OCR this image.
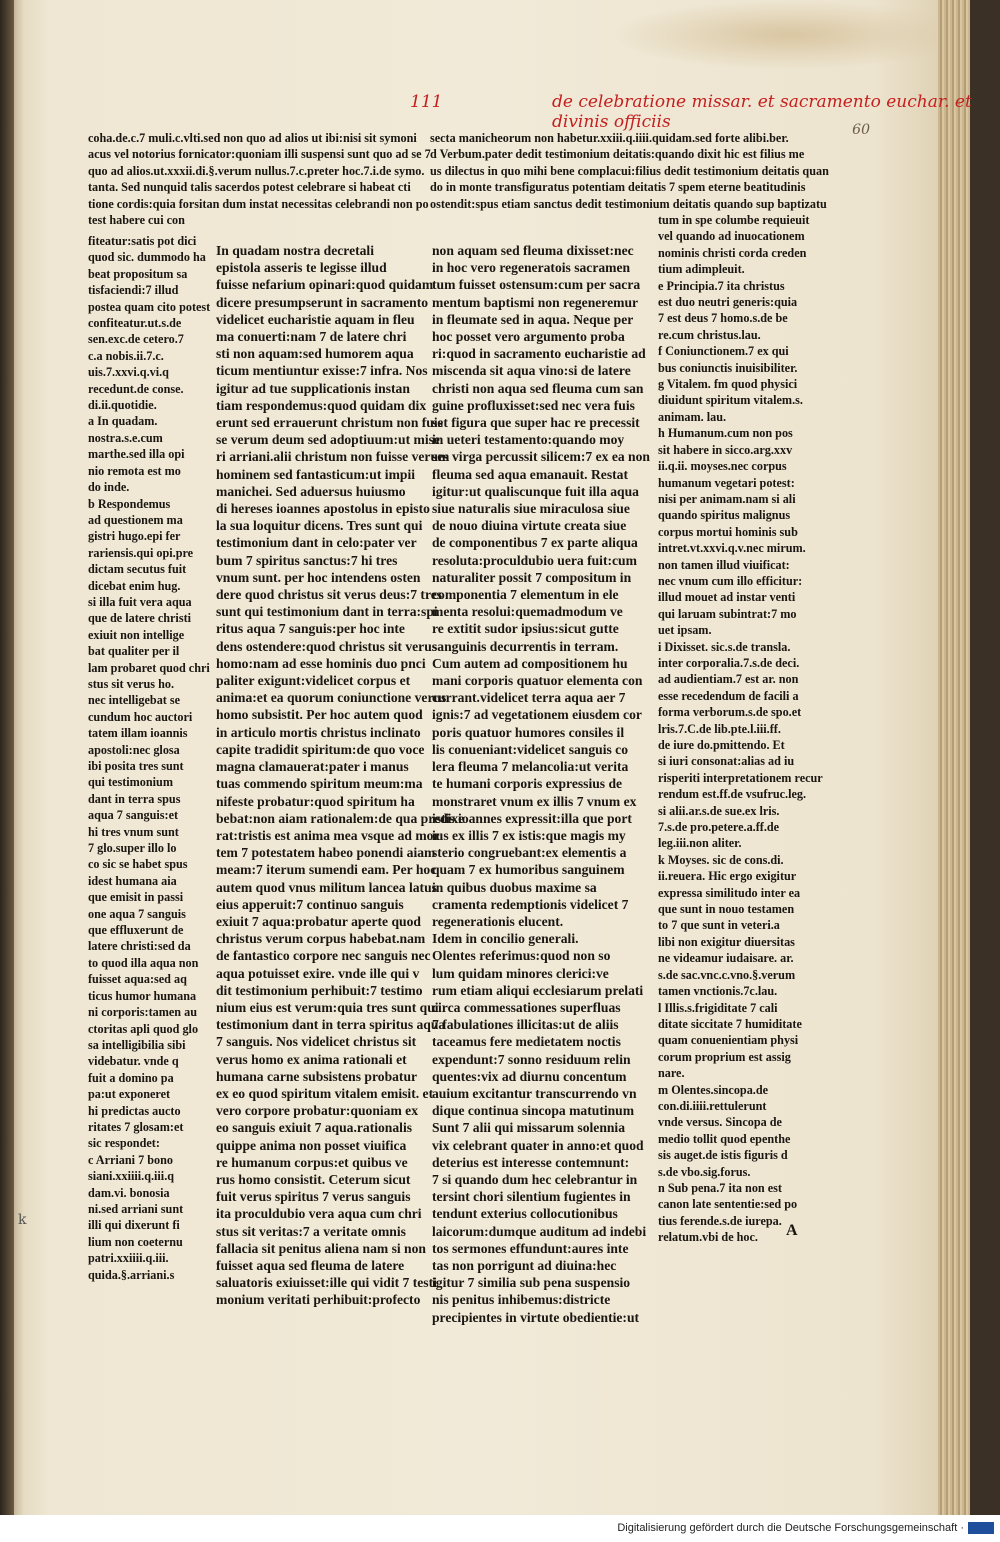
111	de celebratione missar. et sacramento euchar. et divinis officiis	60
coha.de.c.7 muli.c.vlti.sed non quo ad alios ut ibi:nisi sit symoni
acus vel notorius fornicator:quoniam illi suspensi sunt quo ad se 7
quo ad alios.ut.xxxii.di.§.verum nullus.7.c.preter hoc.7.i.de symo.
tanta. Sed nunquid talis sacerdos potest celebrare si habeat cti
tione cordis:quia forsitan dum instat necessitas celebrandi non po
test habere cui con
fiteatur:satis pot dici
quod sic. dummodo ha
beat propositum sa
tisfaciendi:7 illud
postea quam cito potest
confiteatur.ut.s.de
sen.exc.de cetero.7
c.a nobis.ii.7.c.
uis.7.xxvi.q.vi.q
recedunt.de conse.
di.ii.quotidie.
a In quadam.
nostra.s.e.cum
marthe.sed illa opi
nio remota est mo
do inde.
b Respondemus
ad questionem ma
gistri hugo.epi fer
rariensis.qui opi.pre
dictam secutus fuit
dicebat enim hug.
si illa fuit vera aqua
que de latere christi
exiuit non intellige
bat qualiter per il
lam probaret quod chri
stus sit verus ho.
nec intelligebat se
cundum hoc auctori
tatem illam ioannis
apostoli:nec glosa
ibi posita tres sunt
qui testimonium
dant in terra spus
aqua 7 sanguis:et
hi tres vnum sunt
7 glo.super illo lo
co sic se habet spus
idest humana aia
que emisit in passi
one aqua 7 sanguis
que effluxerunt de
latere christi:sed da
to quod illa aqua non
fuisset aqua:sed aq
ticus humor humana
ni corporis:tamen au
ctoritas apli quod glo
sa intelligibilia sibi
videbatur. vnde q
fuit a domino pa
pa:ut exponeret
hi predictas aucto
ritates 7 glosam:et
sic respondet:
c Arriani 7 bono
siani.xxiiii.q.iii.q
dam.vi. bonosia
ni.sed arriani sunt
illi qui dixerunt fi
lium non coeternu
patri.xxiiii.q.iii.
quida.§.arriani.s
In quadam nostra decretali
epistola asseris te legisse illud
fuisse nefarium opinari:quod quidam
dicere presumpserunt in sacramento
videlicet eucharistie aquam in fleu
ma conuerti:nam 7 de latere chri
sti non aquam:sed humorem aqua
ticum mentiuntur exisse:7 infra. Nos
igitur ad tue supplicationis instan
tiam respondemus:quod quidam dix
erunt sed errauerunt christum non fuis
se verum deum sed adoptiuum:ut mise
ri arriani.alii christum non fuisse verum
hominem sed fantasticum:ut impii
manichei. Sed aduersus huiusmo
di hereses ioannes apostolus in episto
la sua loquitur dicens. Tres sunt qui
testimonium dant in celo:pater ver
bum 7 spiritus sanctus:7 hi tres
vnum sunt. per hoc intendens osten
dere quod christus sit verus deus:7 tres
sunt qui testimonium dant in terra:spi
ritus aqua 7 sanguis:per hoc inte
dens ostendere:quod christus sit verus
homo:nam ad esse hominis duo pnci
paliter exigunt:videlicet corpus et
anima:et ea quorum coniunctione verus
homo subsistit. Per hoc autem quod
in articulo mortis christus inclinato
capite tradidit spiritum:de quo voce
magna clamauerat:pater i manus
tuas commendo spiritum meum:ma
nifeste probatur:quod spiritum ha
bebat:non aiam rationalem:de qua predixe
rat:tristis est anima mea vsque ad mor
tem 7 potestatem habeo ponendi aiam
meam:7 iterum sumendi eam. Per hoc
autem quod vnus militum lancea latus
eius apperuit:7 continuo sanguis
exiuit 7 aqua:probatur aperte quod
christus verum corpus habebat.nam
de fantastico corpore nec sanguis nec
aqua potuisset exire. vnde ille qui v
dit testimonium perhibuit:7 testimo
nium eius est verum:quia tres sunt qui
testimonium dant in terra spiritus aqua
7 sanguis. Nos videlicet christus sit
verus homo ex anima rationali et
humana carne subsistens probatur
ex eo quod spiritum vitalem emisit. et
vero corpore probatur:quoniam ex
eo sanguis exiuit 7 aqua.rationalis
quippe anima non posset viuifica
re humanum corpus:et quibus ve
rus homo consistit. Ceterum sicut
fuit verus spiritus 7 verus sanguis
ita proculdubio vera aqua cum chri
stus sit veritas:7 a veritate omnis
fallacia sit penitus aliena nam si non
fuisset aqua sed fleuma de latere
saluatoris exiuisset:ille qui vidit 7 testi
monium veritati perhibuit:profecto
secta manicheorum non habetur.xxiii.q.iiii.quidam.sed forte alibi.ber.
d Verbum.pater dedit testimonium deitatis:quando dixit hic est filius me
us dilectus in quo mihi bene complacui:filius dedit testimonium deitatis quan
do in monte transfiguratus potentiam deitatis 7 spem eterne beatitudinis
ostendit:spus etiam sanctus dedit testimonium deitatis quando sup baptizatu
non aquam sed fleuma dixisset:nec
in hoc vero regeneratois sacramen
tum fuisset ostensum:cum per sacra
mentum baptismi non regeneremur
in fleumate sed in aqua. Neque per
hoc posset vero argumento proba
ri:quod in sacramento eucharistie ad
miscenda sit aqua vino:si de latere
christi non aqua sed fleuma cum san
guine profluxisset:sed nec vera fuis
set figura que super hac re precessit
in ueteri testamento:quando moy
ses virga percussit silicem:7 ex ea non
fleuma sed aqua emanauit. Restat
igitur:ut qualiscunque fuit illa aqua
siue naturalis siue miraculosa siue
de nouo diuina virtute creata siue
de componentibus 7 ex parte aliqua
resoluta:proculdubio uera fuit:cum
naturaliter possit 7 compositum in
componentia 7 elementum in ele
menta resolui:quemadmodum ve
re extitit sudor ipsius:sicut gutte
sanguinis decurrentis in terram.
Cum autem ad compositionem hu
mani corporis quatuor elementa con
currant.videlicet terra aqua aer 7
ignis:7 ad vegetationem eiusdem cor
poris quatuor humores consiles il
lis conueniant:videlicet sanguis co
lera fleuma 7 melancolia:ut verita
te humani corporis expressius de
monstraret vnum ex illis 7 vnum ex
istis ioannes expressit:illa que port
ius ex illis 7 ex istis:que magis my
sterio congruebant:ex elementis a
quam 7 ex humoribus sanguinem
in quibus duobus maxime sa
cramenta redemptionis videlicet 7
regenerationis elucent.
Idem in concilio generali.
Olentes referimus:quod non so
lum quidam minores clerici:ve
rum etiam aliqui ecclesiarum prelati
circa commessationes superfluas
7 fabulationes illicitas:ut de aliis
taceamus fere medietatem noctis
expendunt:7 sonno residuum relin
quentes:vix ad diurnu concentum
auium excitantur transcurrendo vn
dique continua sincopa matutinum
Sunt 7 alii qui missarum solennia
vix celebrant quater in anno:et quod
deterius est interesse contemnunt:
7 si quando dum hec celebrantur in
tersint chori silentium fugientes in
tendunt exterius collocutionibus
laicorum:dumque auditum ad indebi
tos sermones effundunt:aures inte
tas non porrigunt ad diuina:hec
igitur 7 similia sub pena suspensio
nis penitus inhibemus:districte
precipientes in virtute obedientie:ut
tum in spe columbe requieuit
vel quando ad inuocationem
nominis christi corda creden
tium adimpleuit.
e Principia.7 ita christus
est duo neutri generis:quia
7 est deus 7 homo.s.de be
re.cum christus.lau.
f Coniunctionem.7 ex qui
bus coniunctis inuisibiliter.
g Vitalem. fm quod physici
diuidunt spiritum vitalem.s.
animam. lau.
h Humanum.cum non pos
sit habere in sicco.arg.xxv
ii.q.ii. moyses.nec corpus
humanum vegetari potest:
nisi per animam.nam si ali
quando spiritus malignus
corpus mortui hominis sub
intret.vt.xxvi.q.v.nec mirum.
non tamen illud viuificat:
nec vnum cum illo efficitur:
illud mouet ad instar venti
qui laruam subintrat:7 mo
uet ipsam.
i Dixisset. sic.s.de transla.
inter corporalia.7.s.de deci.
ad audientiam.7 est ar. non
esse recedendum de facili a
forma verborum.s.de spo.et
lris.7.C.de lib.pte.l.iii.ff.
de iure do.pmittendo. Et
si iuri consonat:alias ad iu
risperiti interpretationem recur
rendum est.ff.de vsufruc.leg.
si alii.ar.s.de sue.ex lris.
7.s.de pro.petere.a.ff.de
leg.iii.non aliter.
k Moyses. sic de cons.di.
ii.reuera. Hic ergo exigitur
expressa similitudo inter ea
que sunt in nouo testamen
to 7 que sunt in veteri.a
libi non exigitur diuersitas
ne videamur iudaisare. ar.
s.de sac.vnc.c.vno.§.verum
tamen vnctionis.7c.lau.
l Illis.s.frigiditate 7 cali
ditate siccitate 7 humiditate
quam conuenientiam physi
corum proprium est assig
nare.
m Olentes.sincopa.de
con.di.iiii.rettulerunt
vnde versus. Sincopa de
medio tollit quod epenthe
sis auget.de istis figuris d
s.de vbo.sig.forus.
n Sub pena.7 ita non est
canon late sententie:sed po
tius ferende.s.de iurepa.
relatum.vbi de hoc.	A
k
Digitalisierung gefördert durch die Deutsche Forschungsgemeinschaft ·
